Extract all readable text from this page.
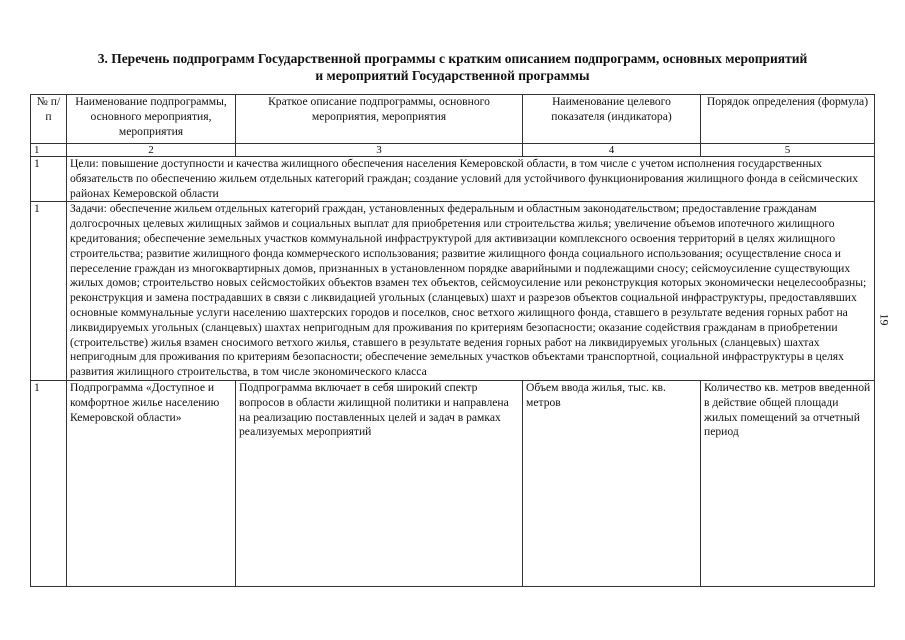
3. Перечень подпрограмм Государственной программы с кратким описанием подпрограмм, основных мероприятий
и мероприятий Государственной программы
№ п/п	Наименование подпрограммы, основного мероприятия, мероприятия	Краткое описание подпрограммы, основного мероприятия, мероприятия	Наименование целевого показателя (индикатора)	Порядок определения (формула)
1	2	3	4	5
1	Цели: повышение доступности и качества жилищного обеспечения населения Кемеровской области, в том числе с учетом исполнения государственных обязательств по обеспечению жильем отдельных категорий граждан; создание условий для устойчивого функционирования жилищного фонда в сейсмических районах Кемеровской области			
1	Задачи: обеспечение жильем отдельных категорий граждан, установленных федеральным и областным законодательством; предоставление гражданам долгосрочных целевых жилищных займов и социальных выплат для приобретения или строительства жилья; увеличение объемов ипотечного жилищного кредитования; обеспечение земельных участков коммунальной инфраструктурой для активизации комплексного освоения территорий в целях жилищного строительства; развитие жилищного фонда коммерческого использования; развитие жилищного фонда социального использования; осуществление сноса и переселение граждан из многоквартирных домов, признанных в установленном порядке аварийными и подлежащими сносу; сейсмоусиление существующих жилых домов; строительство новых сейсмостойких объектов взамен тех объектов, сейсмоусиление или реконструкция которых экономически нецелесообразны; реконструкция и замена пострадавших в связи с ликвидацией угольных (сланцевых) шахт и разрезов объектов социальной инфраструктуры, предоставлявших основные коммунальные услуги населению шахтерских городов и поселков, снос ветхого жилищного фонда, ставшего в результате ведения горных работ на ликвидируемых угольных (сланцевых) шахтах непригодным для проживания по критериям безопасности; оказание содействия гражданам в приобретении (строительстве) жилья взамен сносимого ветхого жилья, ставшего в результате ведения горных работ на ликвидируемых угольных (сланцевых) шахтах непригодным для проживания по критериям безопасности; обеспечение земельных участков объектами транспортной, социальной инфраструктуры в целях развития жилищного строительства, в том числе экономического класса			
1	Подпрограмма «Доступное и комфортное жилье населению Кемеровской области»	Подпрограмма включает в себя широкий спектр вопросов в области жилищной политики и направлена на реализацию поставленных целей и задач в рамках реализуемых мероприятий	Объем ввода жилья, тыс. кв. метров	Количество кв. метров введенной в действие общей площади жилых помещений за отчетный период
19
